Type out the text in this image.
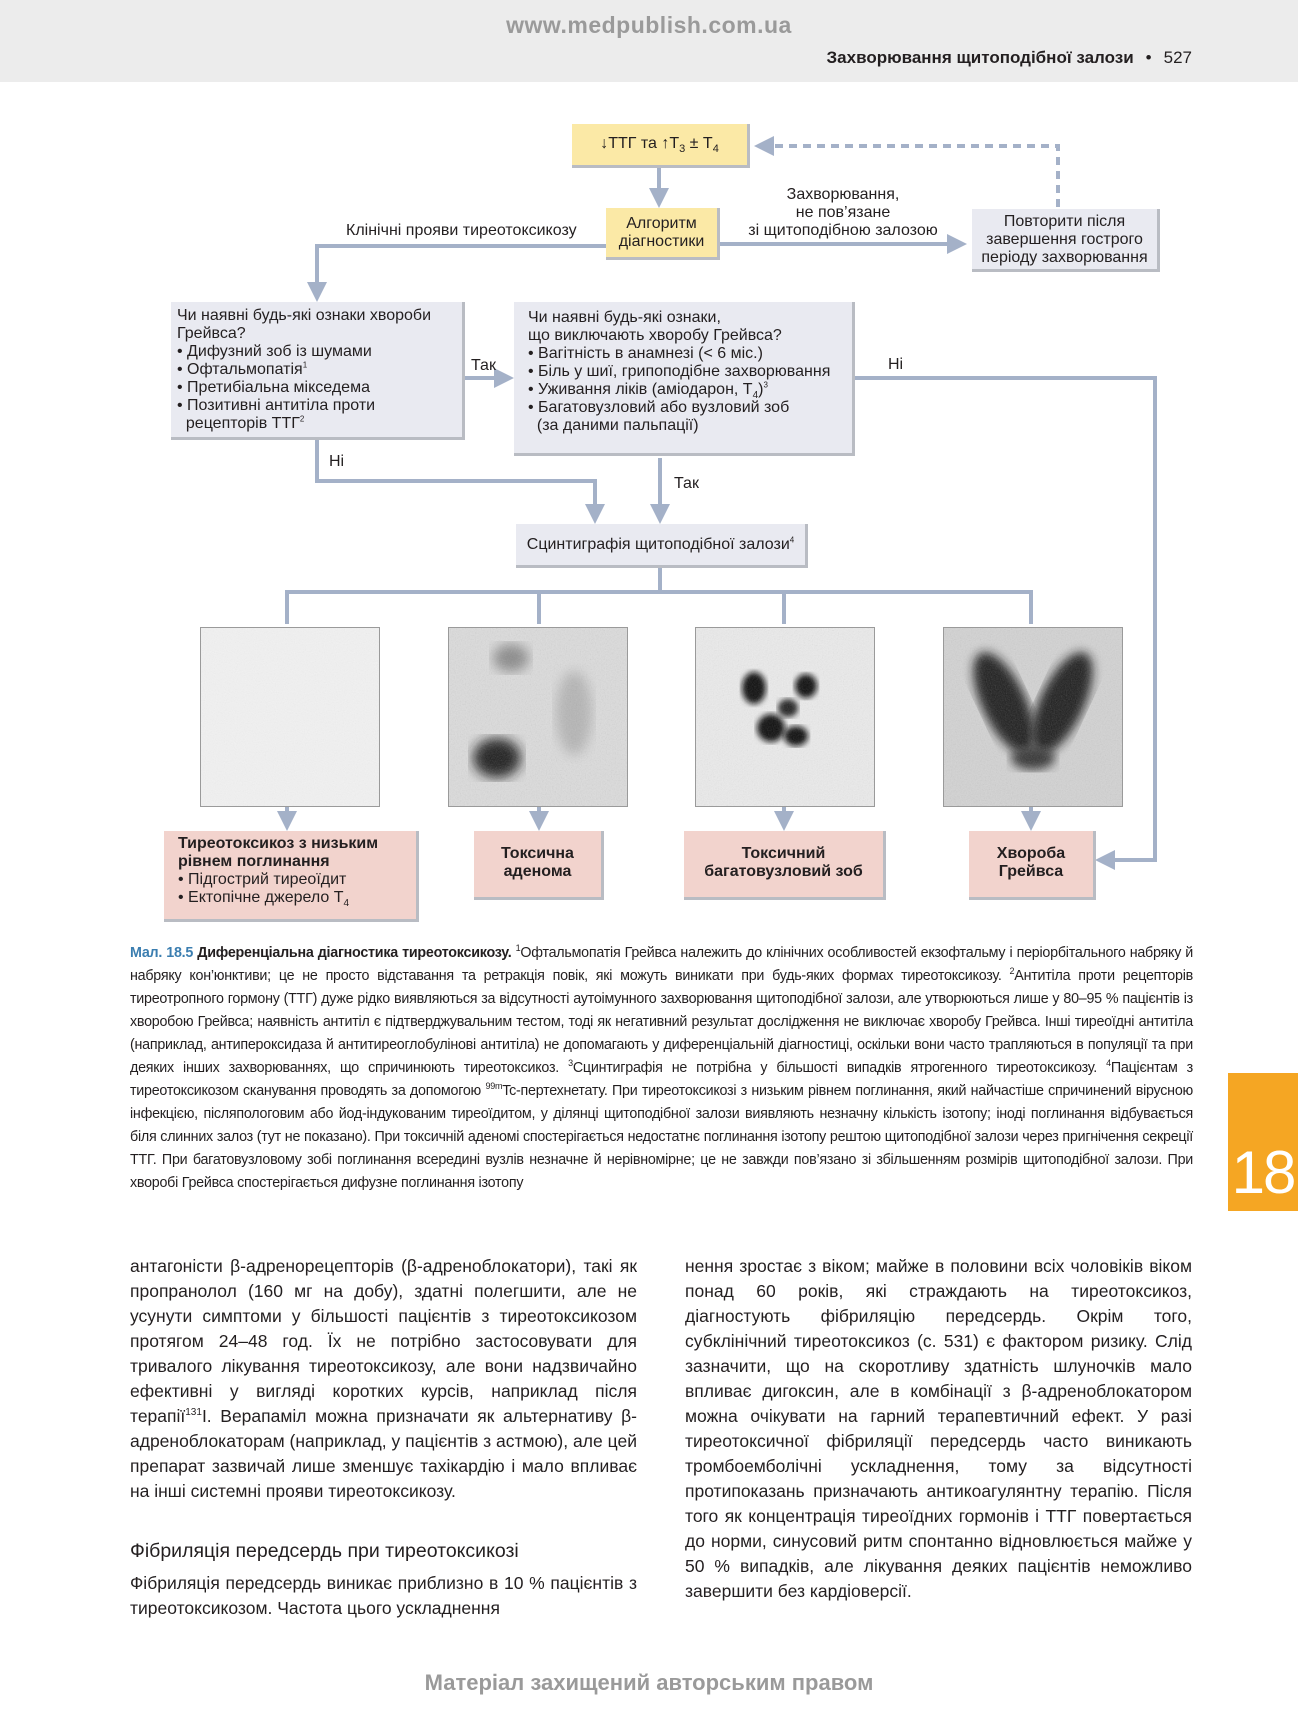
www.medpublish.com.ua
Захворювання щитоподібної залози • 527
18
↓ТТГ та $↑Т_3 \pm Т_4$
Алгоритм
діагностики
Повторити після
завершення гострого
періоду захворювання
Захворювання,
не пов’язане
зі щитоподібною залозою
Клінічні прояви тиреотоксикозу
Чи наявні будь-які ознаки хвороби
Грейвса?
• Дифузний зоб із шумами
• Офтальмопатія$^1$
• Претибіальна мікседема
• Позитивні антитіла проти
рецепторів ТТГ$^2$
Так
Чи наявні будь-які ознаки,
що виключають хворобу Грейвса?
• Вагітність в анамнезі (< 6 міс.)
• Біль у шиї, грипоподібне захворювання
• Уживання ліків (аміодарон, $Т_4)^3$
• Багатовузловий або вузловий зоб
(за даними пальпації)
Ні
Ні
Так
Сцинтиграфія щитоподібної залози$^4$
Тиреотоксикоз з низьким
рівнем поглинання
• Підгострий тиреоїдит
• Ектопічне джерело $Т_4$
Токсична
аденома
Токсичний
багатовузловий зоб
Хвороба
Грейвса
Мал. 18.5 Диференціальна діагностика тиреотоксикозу. $^1$Офтальмопатія Грейвса належить до клінічних особливостей екзофтальму і періорбітального набряку й набряку кон’юнктиви; це не просто відставання та ретракція повік, які можуть виникати при будь-яких формах тиреотоксикозу. $^2$Антитіла проти рецепторів тиреотропного гормону (ТТГ) дуже рідко виявляються за відсутності аутоімунного захворювання щитоподібної залози, але утворюються лише у 80–95 % пацієнтів із хворобою Грейвса; наявність антитіл є підтверджувальним тестом, тоді як негативний результат дослідження не виключає хворобу Грейвса. Інші тиреоїдні антитіла (наприклад, антипероксидаза й антитиреоглобулінові антитіла) не допомагають у диференціальній діагностиці, оскільки вони часто трапляються в популяції та при деяких інших захворюваннях, що спричинюють тиреотоксикоз. $^3$Сцинтиграфія не потрібна у більшості випадків ятрогенного тиреотоксикозу. $^4$Пацієнтам з тиреотоксикозом сканування проводять за допомогою $^{99m}$Tc-пертехнетату. При тиреотоксикозі з низьким рівнем поглинання, який найчастіше спричинений вірусною інфекцією, післяпологовим або йод-індукованим тиреоїдитом, у ділянці щитоподібної залози виявляють незначну кількість ізотопу; іноді поглинання відбувається біля слинних залоз (тут не показано). При токсичній аденомі спостерігається недостатнє поглинання ізотопу рештою щитоподібної залози через пригнічення секреції ТТГ. При багатовузловому зобі поглинання всередині вузлів незначне й нерівномірне; це не завжди пов’язано зі збільшенням розмірів щитоподібної залози. При хворобі Грейвса спостерігається дифузне поглинання ізотопу
антагоністи β-адренорецепторів (β-адреноблокатори), такі як пропранолол (160 мг на добу), здатні полегшити, але не усунути симптоми у більшості пацієнтів з тиреотоксикозом протягом 24–48 год. Їх не потрібно застосовувати для тривалого лікування тиреотоксикозу, але вони надзвичайно ефективні у вигляді коротких курсів, наприклад після терапії$^{131}$I. Верапаміл можна призначати як альтернативу β-адреноблокаторам (наприклад, у пацієнтів з астмою), але цей препарат зазвичай лише зменшує тахікардію і мало впливає на інші системні прояви тиреотоксикозу.
Фібриляція передсердь при тиреотоксикозі
Фібриляція передсердь виникає приблизно в 10 % пацієнтів з тиреотоксикозом. Частота цього ускладнення
нення зростає з віком; майже в половини всіх чоловіків віком понад 60 років, які страждають на тиреотоксикоз, діагностують фібриляцію передсердь. Окрім того, субклінічний тиреотоксикоз (с. 531) є фактором ризику. Слід зазначити, що на скоротливу здатність шлуночків мало впливає дигоксин, але в комбінації з β-адреноблокатором можна очікувати на гарний терапевтичний ефект. У разі тиреотоксичної фібриляції передсердь часто виникають тромбоемболічні ускладнення, тому за відсутності протипоказань призначають антикоагулянтну терапію. Після того як концентрація тиреоїдних гормонів і ТТГ повертається до норми, синусовий ритм спонтанно відновлюється майже у 50 % випадків, але лікування деяких пацієнтів неможливо завершити без кардіоверсії.
Матеріал захищений авторським правом
